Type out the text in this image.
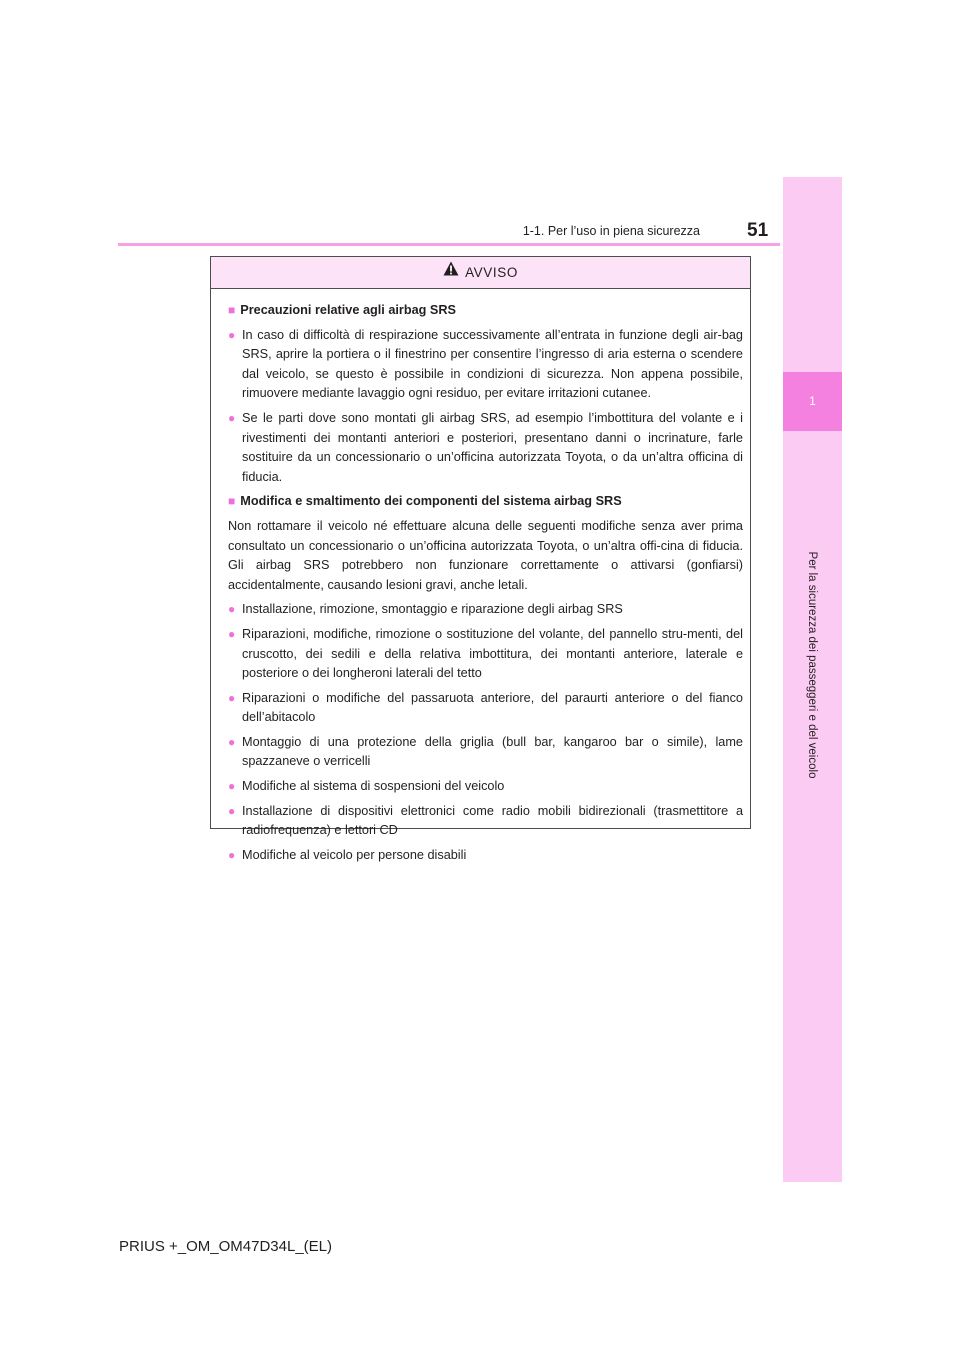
1-1. Per l’uso in piena sicurezza 51
1
Per la sicurezza dei passeggeri e del veicolo
AVVISO
■ Precauzioni relative agli airbag SRS
● In caso di difficoltà di respirazione successivamente all’entrata in funzione degli air-bag SRS, aprire la portiera o il finestrino per consentire l’ingresso di aria esterna o scendere dal veicolo, se questo è possibile in condizioni di sicurezza. Non appena possibile, rimuovere mediante lavaggio ogni residuo, per evitare irritazioni cutanee.
● Se le parti dove sono montati gli airbag SRS, ad esempio l’imbottitura del volante e i rivestimenti dei montanti anteriori e posteriori, presentano danni o incrinature, farle sostituire da un concessionario o un’officina autorizzata Toyota, o da un’altra officina di fiducia.
■ Modifica e smaltimento dei componenti del sistema airbag SRS
Non rottamare il veicolo né effettuare alcuna delle seguenti modifiche senza aver prima consultato un concessionario o un’officina autorizzata Toyota, o un’altra offi-cina di fiducia. Gli airbag SRS potrebbero non funzionare correttamente o attivarsi (gonfiarsi) accidentalmente, causando lesioni gravi, anche letali.
● Installazione, rimozione, smontaggio e riparazione degli airbag SRS
● Riparazioni, modifiche, rimozione o sostituzione del volante, del pannello stru-menti, del cruscotto, dei sedili e della relativa imbottitura, dei montanti anteriore, laterale e posteriore o dei longheroni laterali del tetto
● Riparazioni o modifiche del passaruota anteriore, del paraurti anteriore o del fianco dell’abitacolo
● Montaggio di una protezione della griglia (bull bar, kangaroo bar o simile), lame spazzaneve o verricelli
● Modifiche al sistema di sospensioni del veicolo
● Installazione di dispositivi elettronici come radio mobili bidirezionali (trasmettitore a radiofrequenza) e lettori CD
● Modifiche al veicolo per persone disabili
PRIUS +_OM_OM47D34L_(EL)
